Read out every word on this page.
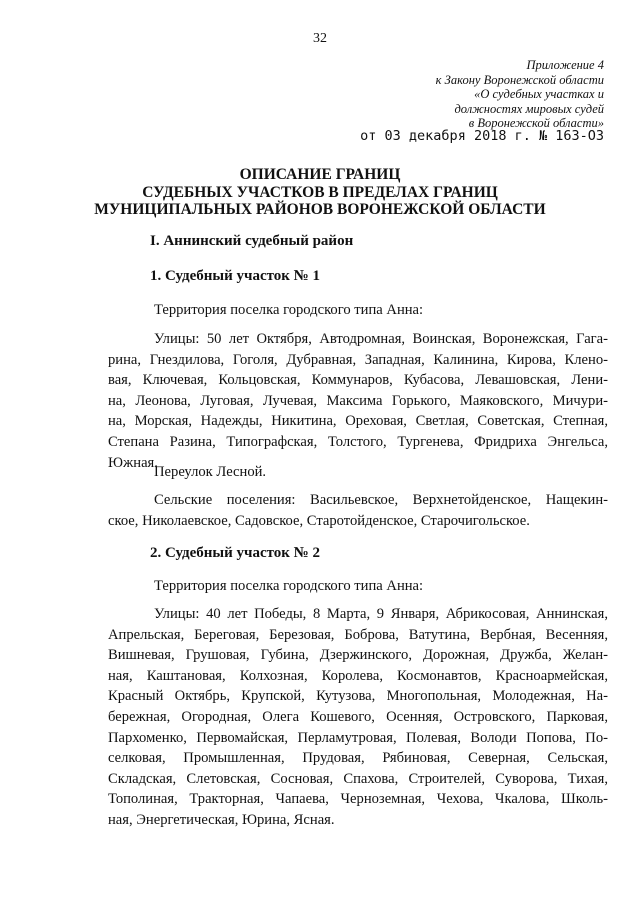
32
Приложение 4
к Закону Воронежской области
«О судебных участках и
должностях мировых судей
в Воронежской области»
от 03 декабря 2018 г. № 163-ОЗ
ОПИСАНИЕ ГРАНИЦ
СУДЕБНЫХ УЧАСТКОВ В ПРЕДЕЛАХ ГРАНИЦ
МУНИЦИПАЛЬНЫХ РАЙОНОВ ВОРОНЕЖСКОЙ ОБЛАСТИ
I. Аннинский судебный район
1. Судебный участок № 1
Территория поселка городского типа Анна:
Улицы: 50 лет Октября, Автодромная, Воинская, Воронежская, Гага-
рина, Гнездилова, Гоголя, Дубравная, Западная, Калинина, Кирова, Клено-
вая, Ключевая, Кольцовская, Коммунаров, Кубасова, Левашовская, Лени-
на, Леонова, Луговая, Лучевая, Максима Горького, Маяковского, Мичури-
на, Морская, Надежды, Никитина, Ореховая, Светлая, Советская, Степная,
Степана Разина, Типографская, Толстого, Тургенева, Фридриха Энгельса,
Южная.
Переулок Лесной.
Сельские поселения: Васильевское, Верхнетойденское, Нащекин-
ское, Николаевское, Садовское, Старотойденское, Старочигольское.
2. Судебный участок № 2
Территория поселка городского типа Анна:
Улицы: 40 лет Победы, 8 Марта, 9 Января, Абрикосовая, Аннинская,
Апрельская, Береговая, Березовая, Боброва, Ватутина, Вербная, Весенняя,
Вишневая, Грушовая, Губина, Дзержинского, Дорожная, Дружба, Желан-
ная, Каштановая, Колхозная, Королева, Космонавтов, Красноармейская,
Красный Октябрь, Крупской, Кутузова, Многопольная, Молодежная, На-
бережная, Огородная, Олега Кошевого, Осенняя, Островского, Парковая,
Пархоменко, Первомайская, Перламутровая, Полевая, Володи Попова, По-
селковая, Промышленная, Прудовая, Рябиновая, Северная, Сельская,
Складская, Слетовская, Сосновая, Спахова, Строителей, Суворова, Тихая,
Тополиная, Тракторная, Чапаева, Черноземная, Чехова, Чкалова, Школь-
ная, Энергетическая, Юрина, Ясная.
